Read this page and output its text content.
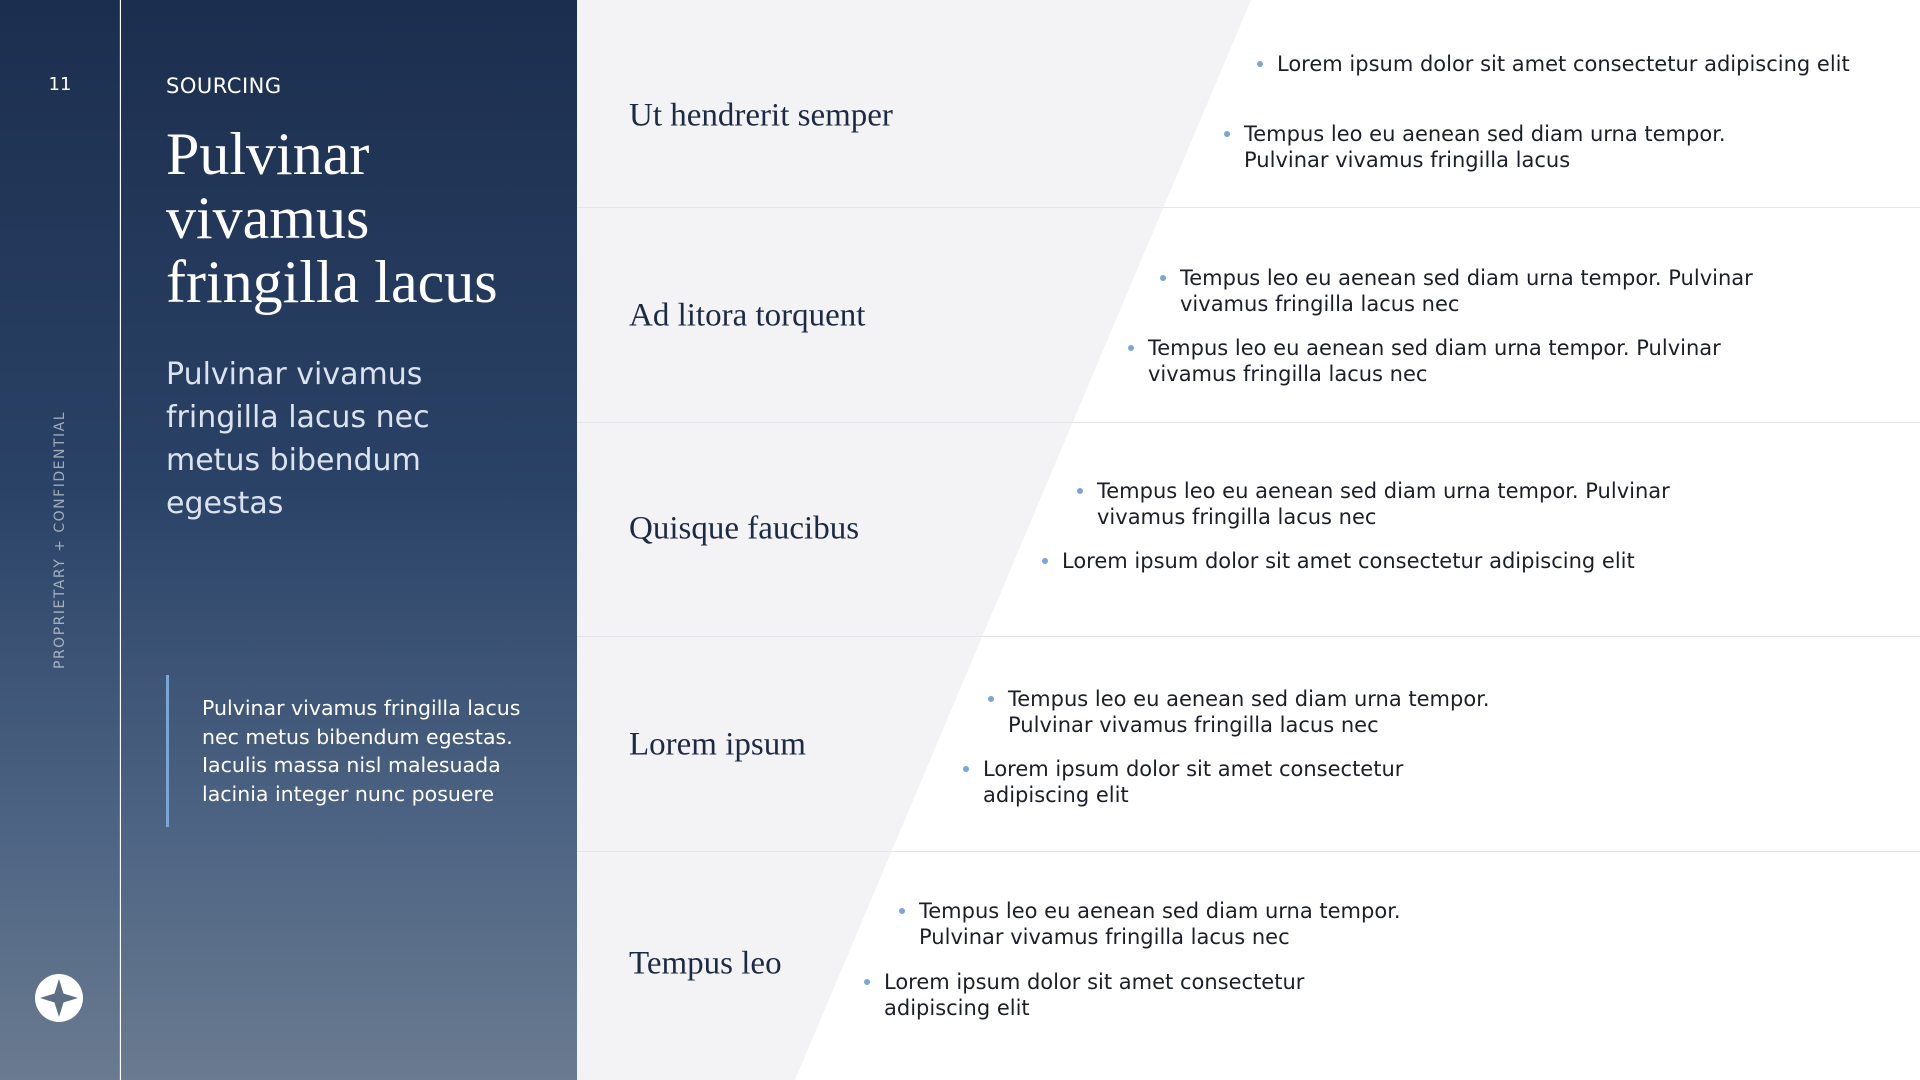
11
PROPRIETARY + CONFIDENTIAL
SOURCING
Pulvinar vivamus fringilla lacus
Pulvinar vivamus fringilla lacus nec metus bibendum egestas
Pulvinar vivamus fringilla lacus nec metus bibendum egestas. Iaculis massa nisl malesuada lacinia integer nunc posuere
Ut hendrerit semper
Lorem ipsum dolor sit amet consectetur adipiscing elit
Tempus leo eu aenean sed diam urna tempor. Pulvinar vivamus fringilla lacus
Ad litora torquent
Tempus leo eu aenean sed diam urna tempor. Pulvinar vivamus fringilla lacus nec
Tempus leo eu aenean sed diam urna tempor. Pulvinar vivamus fringilla lacus nec
Quisque faucibus
Tempus leo eu aenean sed diam urna tempor. Pulvinar vivamus fringilla lacus nec
Lorem ipsum dolor sit amet consectetur adipiscing elit
Lorem ipsum
Tempus leo eu aenean sed diam urna tempor. Pulvinar vivamus fringilla lacus nec
Lorem ipsum dolor sit amet consectetur adipiscing elit
Tempus leo
Tempus leo eu aenean sed diam urna tempor. Pulvinar vivamus fringilla lacus nec
Lorem ipsum dolor sit amet consectetur adipiscing elit
